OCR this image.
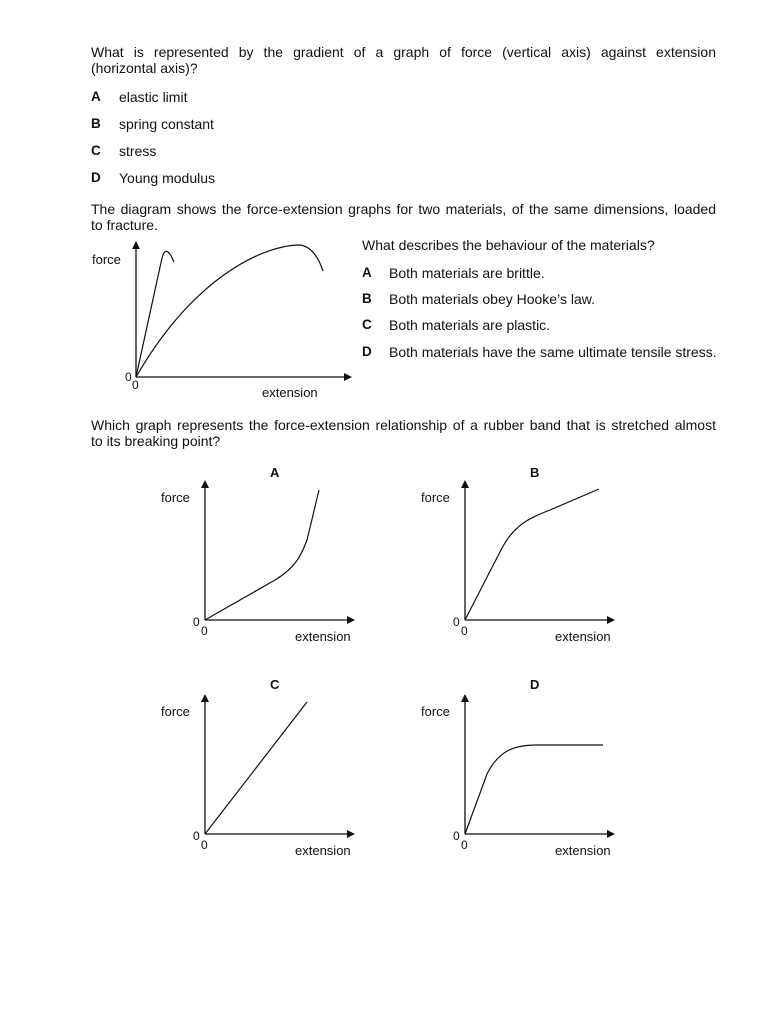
What is represented by the gradient of a graph of force (vertical axis) against extension
(horizontal axis)?
A elastic limit
B spring constant
C stress
D Young modulus
The diagram shows the force-extension graphs for two materials, of the same dimensions, loaded
to fracture.
force
0
0	extension
What describes the behaviour of the materials?
A Both materials are brittle.
B Both materials obey Hooke’s law.
C Both materials are plastic.
D Both materials have the same ultimate tensile stress.
Which graph represents the force-extension relationship of a rubber band that is stretched almost
to its breaking point?
A
force
0
0	extension
B
force
0
0	extension
C
force
0
0	extension
D
force
0
0	extension
